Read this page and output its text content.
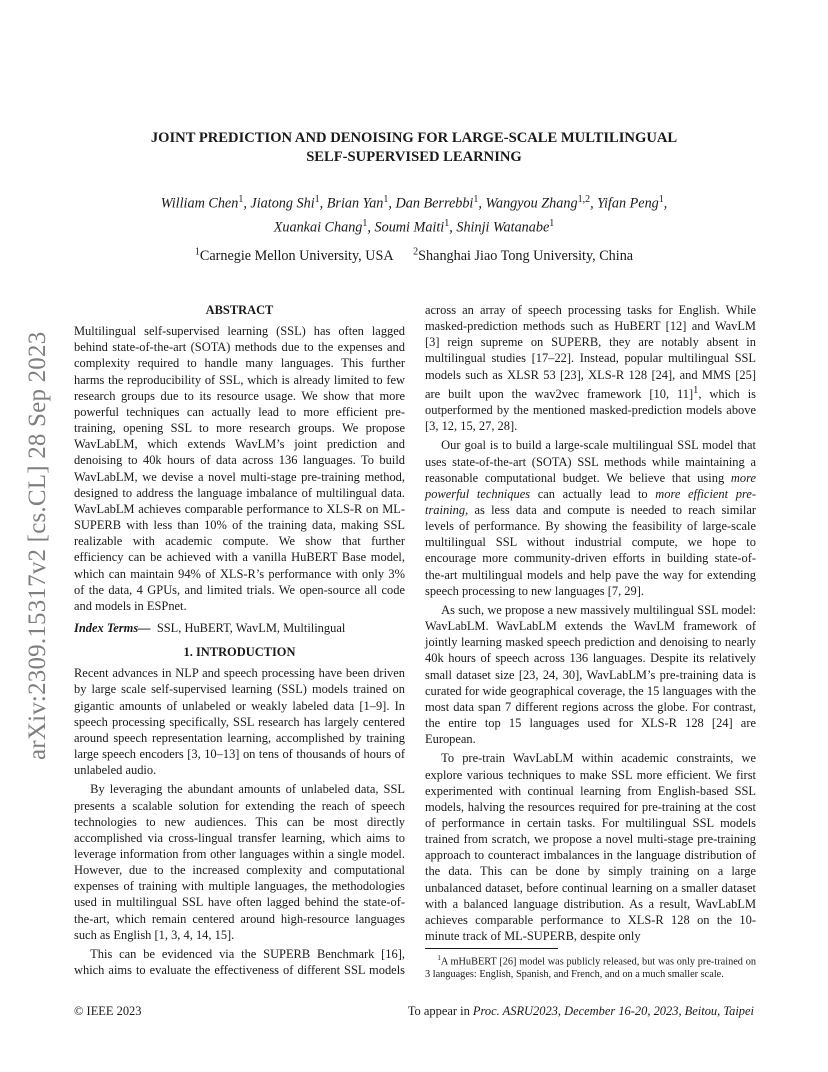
arXiv:2309.15317v2 [cs.CL] 28 Sep 2023
JOINT PREDICTION AND DENOISING FOR LARGE-SCALE MULTILINGUAL
SELF-SUPERVISED LEARNING
William Chen$^1$, Jiatong Shi$^1$, Brian Yan$^1$, Dan Berrebbi$^1$, Wangyou Zhang$^{1,2}$, Yifan Peng$^1$,
Xuankai Chang$^1$, Soumi Maiti$^1$, Shinji Watanabe$^1$
$^1$Carnegie Mellon University, USA $^2$Shanghai Jiao Tong University, China
ABSTRACT

Multilingual self-supervised learning (SSL) has often lagged behind state-of-the-art (SOTA) methods due to the expenses and complexity required to handle many languages. This further harms the reproducibility of SSL, which is already limited to few research groups due to its resource usage. We show that more powerful techniques can actually lead to more efficient pre-training, opening SSL to more research groups. We propose WavLabLM, which extends WavLM’s joint prediction and denoising to 40k hours of data across 136 languages. To build WavLabLM, we devise a novel multi-stage pre-training method, designed to address the language imbalance of multilingual data. WavLabLM achieves comparable performance to XLS-R on ML-SUPERB with less than 10% of the training data, making SSL realizable with academic compute. We show that further efficiency can be achieved with a vanilla HuBERT Base model, which can maintain 94% of XLS-R’s performance with only 3% of the data, 4 GPUs, and limited trials. We open-source all code and models in ESPnet.

Index Terms— SSL, HuBERT, WavLM, Multilingual

1. INTRODUCTION

Recent advances in NLP and speech processing have been driven by large scale self-supervised learning (SSL) models trained on gigantic amounts of unlabeled or weakly labeled data [1–9]. In speech processing specifically, SSL research has largely centered around speech representation learning, accomplished by training large speech encoders [3, 10–13] on tens of thousands of hours of unlabeled audio.

By leveraging the abundant amounts of unlabeled data, SSL presents a scalable solution for extending the reach of speech technologies to new audiences. This can be most directly accomplished via cross-lingual transfer learning, which aims to leverage information from other languages within a single model. However, due to the increased complexity and computational expenses of training with multiple languages, the methodologies used in multilingual SSL have often lagged behind the state-of-the-art, which remain centered around high-resource languages such as English [1, 3, 4, 14, 15].

This can be evidenced via the SUPERB Benchmark [16], which aims to evaluate the effectiveness of different SSL models

across an array of speech processing tasks for English. While masked-prediction methods such as HuBERT [12] and WavLM [3] reign supreme on SUPERB, they are notably absent in multilingual studies [17–22]. Instead, popular multilingual SSL models such as XLSR 53 [23], XLS-R 128 [24], and MMS [25] are built upon the wav2vec framework [10, 11]$^1$, which is outperformed by the mentioned masked-prediction models above [3, 12, 15, 27, 28].

Our goal is to build a large-scale multilingual SSL model that uses state-of-the-art (SOTA) SSL methods while maintaining a reasonable computational budget. We believe that using more powerful techniques can actually lead to more efficient pre-training, as less data and compute is needed to reach similar levels of performance. By showing the feasibility of large-scale multilingual SSL without industrial compute, we hope to encourage more community-driven efforts in building state-of-the-art multilingual models and help pave the way for extending speech processing to new languages [7, 29].

As such, we propose a new massively multilingual SSL model: WavLabLM. WavLabLM extends the WavLM framework of jointly learning masked speech prediction and denoising to nearly 40k hours of speech across 136 languages. Despite its relatively small dataset size [23, 24, 30], WavLabLM’s pre-training data is curated for wide geographical coverage, the 15 languages with the most data span 7 different regions across the globe. For contrast, the entire top 15 languages used for XLS-R 128 [24] are European.

To pre-train WavLabLM within academic constraints, we explore various techniques to make SSL more efficient. We first experimented with continual learning from English-based SSL models, halving the resources required for pre-training at the cost of performance in certain tasks. For multilingual SSL models trained from scratch, we propose a novel multi-stage pre-training approach to counteract imbalances in the language distribution of the data. This can be done by simply training on a large unbalanced dataset, before continual learning on a smaller dataset with a balanced language distribution. As a result, WavLabLM achieves comparable performance to XLS-R 128 on the 10-minute track of ML-SUPERB, despite only

$^1$A mHuBERT [26] model was publicly released, but was only pre-trained on 3 languages: English, Spanish, and French, and on a much smaller scale.
© IEEE 2023	To appear in Proc. ASRU2023, December 16-20, 2023, Beitou, Taipei
